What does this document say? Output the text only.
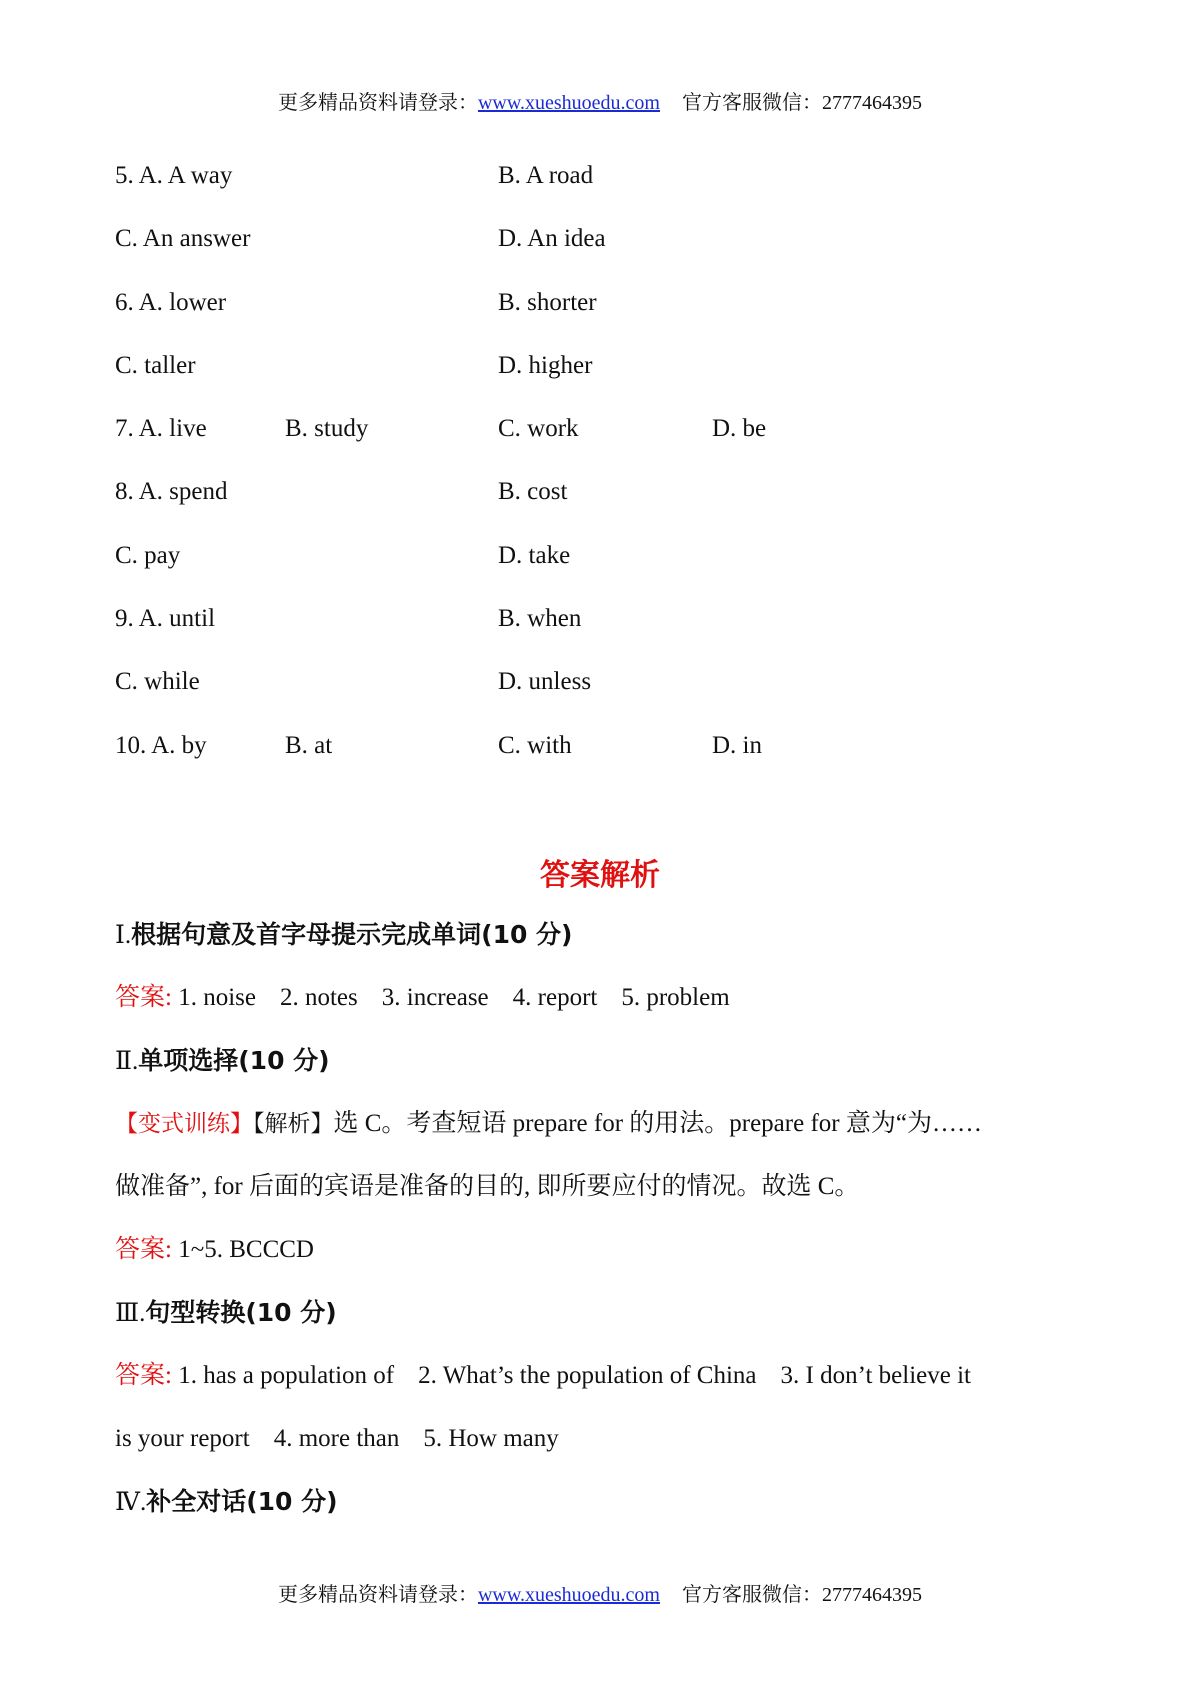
更多精品资料请登录：www.xueshuoedu.com 官方客服微信：2777464395
5. A. A way	B. A road
C. An answer	D. An idea
6. A. lower	B. shorter
C. taller	D. higher
7. A. live	B. study	C. work	D. be
8. A. spend	B. cost
C. pay	D. take
9. A. until	B. when
C. while	D. unless
10. A. by	B. at	C. with	D. in
答案解析
Ⅰ.根据句意及首字母提示完成单词(10 分)
答案: 1. noise 2. notes 3. increase 4. report 5. problem
Ⅱ.单项选择(10 分)
【变式训练】【解析】选 C。考查短语 prepare for 的用法。prepare for 意为“为……
做准备”, for 后面的宾语是准备的目的, 即所要应付的情况。故选 C。
答案: 1~5. BCCCD
Ⅲ.句型转换(10 分)
答案: 1. has a population of 2. What’s the population of China 3. I don’t believe it
is your report 4. more than 5. How many
Ⅳ.补全对话(10 分)
更多精品资料请登录：www.xueshuoedu.com 官方客服微信：2777464395
